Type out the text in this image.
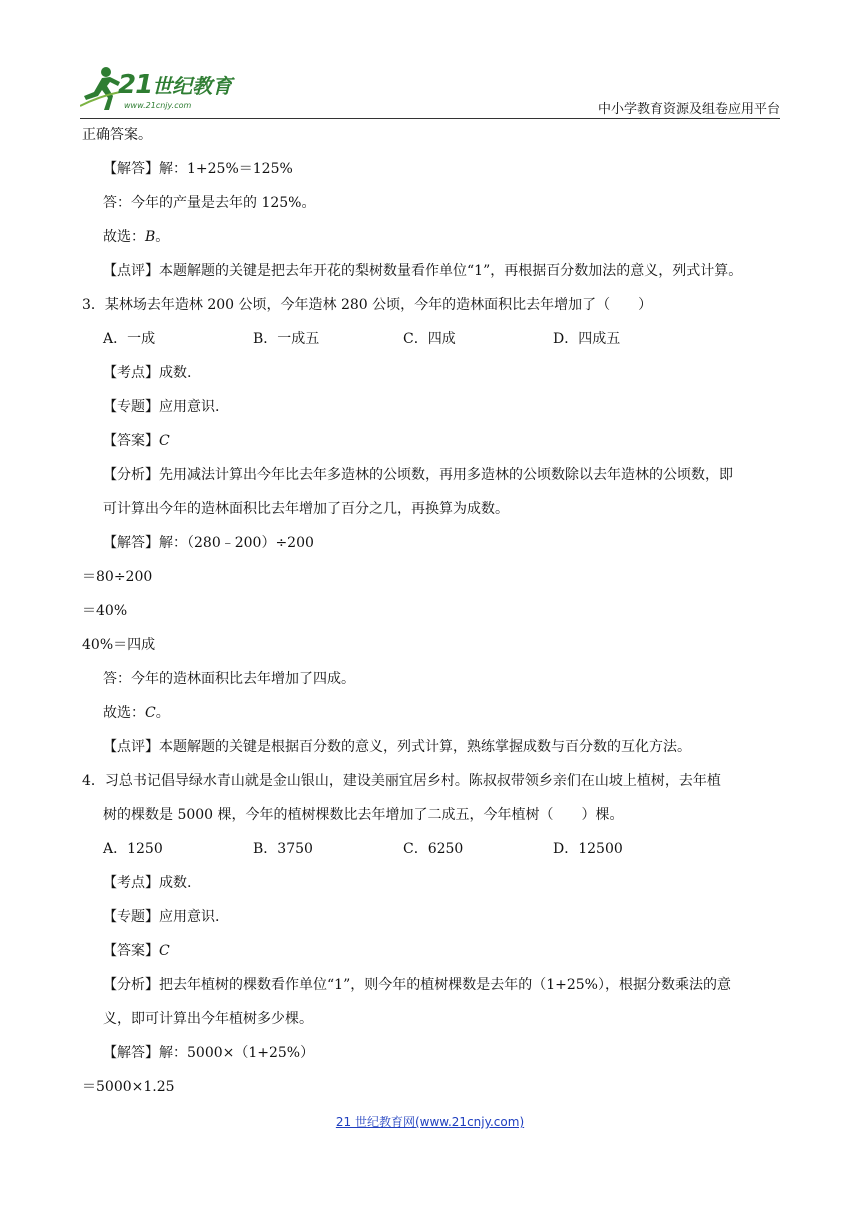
21世纪教育
www.21cnjy.com	中小学教育资源及组卷应用平台

正确答案。

【解答】解：1+25%＝125%

答：今年的产量是去年的 125%。

故选：B。

【点评】本题解题的关键是把去年开花的梨树数量看作单位“1”，再根据百分数加法的意义，列式计算。

3．某林场去年造林 200 公顷，今年造林 280 公顷，今年的造林面积比去年增加了（　　）

A．一成	B．一成五	C．四成	D．四成五

【考点】成数.

【专题】应用意识.

【答案】C

【分析】先用减法计算出今年比去年多造林的公顷数，再用多造林的公顷数除以去年造林的公顷数，即

可计算出今年的造林面积比去年增加了百分之几，再换算为成数。

【解答】解：（280﹣200）÷200

＝80÷200

＝40%

40%＝四成

答：今年的造林面积比去年增加了四成。

故选：C。

【点评】本题解题的关键是根据百分数的意义，列式计算，熟练掌握成数与百分数的互化方法。

4．习总书记倡导绿水青山就是金山银山，建设美丽宜居乡村。陈叔叔带领乡亲们在山坡上植树，去年植

树的棵数是 5000 棵，今年的植树棵数比去年增加了二成五，今年植树（　　）棵。

A．1250	B．3750	C．6250	D．12500

【考点】成数.

【专题】应用意识.

【答案】C

【分析】把去年植树的棵数看作单位“1”，则今年的植树棵数是去年的（1+25%），根据分数乘法的意

义，即可计算出今年植树多少棵。

【解答】解：5000×（1+25%）

＝5000×1.25

21 世纪教育网(www.21cnjy.com)
